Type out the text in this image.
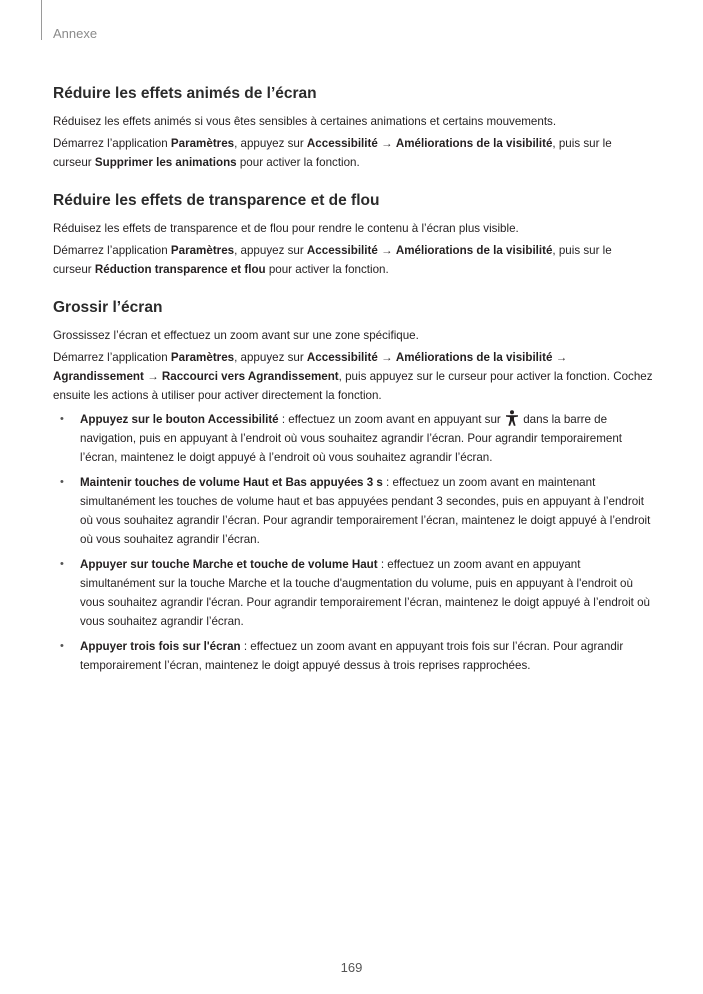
Annexe
Réduire les effets animés de l’écran

Réduisez les effets animés si vous êtes sensibles à certaines animations et certains mouvements.

Démarrez l’application Paramètres, appuyez sur Accessibilité → Améliorations de la visibilité, puis sur le curseur Supprimer les animations pour activer la fonction.

Réduire les effets de transparence et de flou

Réduisez les effets de transparence et de flou pour rendre le contenu à l’écran plus visible.

Démarrez l’application Paramètres, appuyez sur Accessibilité → Améliorations de la visibilité, puis sur le curseur Réduction transparence et flou pour activer la fonction.

Grossir l’écran

Grossissez l’écran et effectuez un zoom avant sur une zone spécifique.

Démarrez l’application Paramètres, appuyez sur Accessibilité → Améliorations de la visibilité → Agrandissement → Raccourci vers Agrandissement, puis appuyez sur le curseur pour activer la fonction. Cochez ensuite les actions à utiliser pour activer directement la fonction.

• Appuyez sur le bouton Accessibilité : effectuez un zoom avant en appuyant sur  dans la barre de navigation, puis en appuyant à l’endroit où vous souhaitez agrandir l’écran. Pour agrandir temporairement l’écran, maintenez le doigt appuyé à l’endroit où vous souhaitez agrandir l’écran.
• Maintenir touches de volume Haut et Bas appuyées 3 s : effectuez un zoom avant en maintenant simultanément les touches de volume haut et bas appuyées pendant 3 secondes, puis en appuyant à l’endroit où vous souhaitez agrandir l’écran. Pour agrandir temporairement l’écran, maintenez le doigt appuyé à l’endroit où vous souhaitez agrandir l’écran.
• Appuyer sur touche Marche et touche de volume Haut : effectuez un zoom avant en appuyant simultanément sur la touche Marche et la touche d'augmentation du volume, puis en appuyant à l'endroit où vous souhaitez agrandir l'écran. Pour agrandir temporairement l’écran, maintenez le doigt appuyé à l’endroit où vous souhaitez agrandir l’écran.
• Appuyer trois fois sur l'écran : effectuez un zoom avant en appuyant trois fois sur l’écran. Pour agrandir temporairement l’écran, maintenez le doigt appuyé dessus à trois reprises rapprochées.
169
